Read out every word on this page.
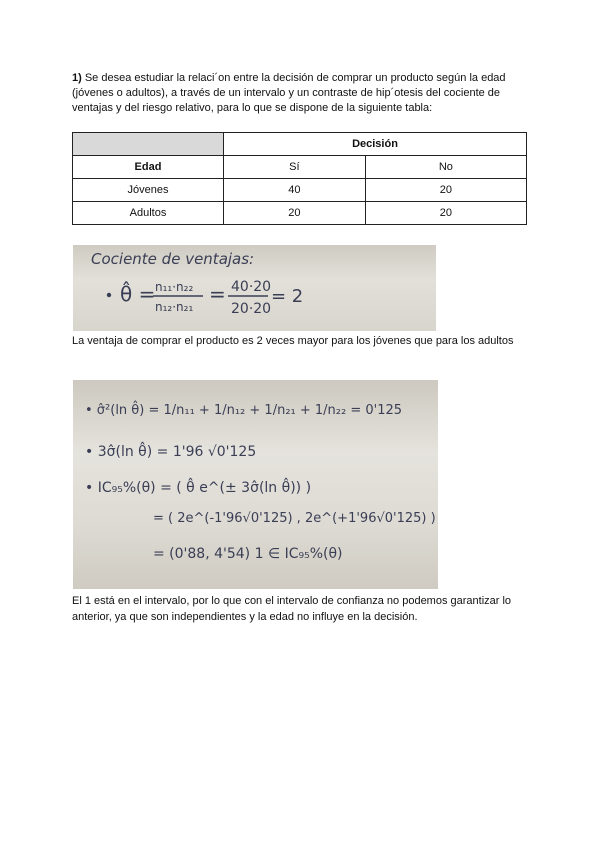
1) Se desea estudiar la relaci´on entre la decisión de comprar un producto según la edad (jóvenes o adultos), a través de un intervalo y un contraste de hip´otesis del cociente de ventajas y del riesgo relativo, para lo que se dispone de la siguiente tabla:
	Decisión	
Edad	Sí	No
Jóvenes	40	20
Adultos	20	20
Cociente de ventajas:
θ̂ = n₁₁·n₂₂
n₁₂·n₂₁
= 40·20
20·20
= 2
La ventaja de comprar el producto es 2 veces mayor para los jóvenes que para los adultos
• σ̂²(ln θ̂) = 1/n₁₁ + 1/n₁₂ + 1/n₂₁ + 1/n₂₂ = 0'125
• 3σ̂(ln θ̂) = 1'96 √0'125
• IC₉₅%(θ) = ( θ̂ e^(± 3σ̂(ln θ̂)) )
= ( 2e^(-1'96√0'125) , 2e^(+1'96√0'125) )
= (0'88, 4'54) 1 ∈ IC₉₅%(θ)
El 1 está en el intervalo, por lo que con el intervalo de confianza no podemos garantizar lo anterior, ya que son independientes y la edad no influye en la decisión.
